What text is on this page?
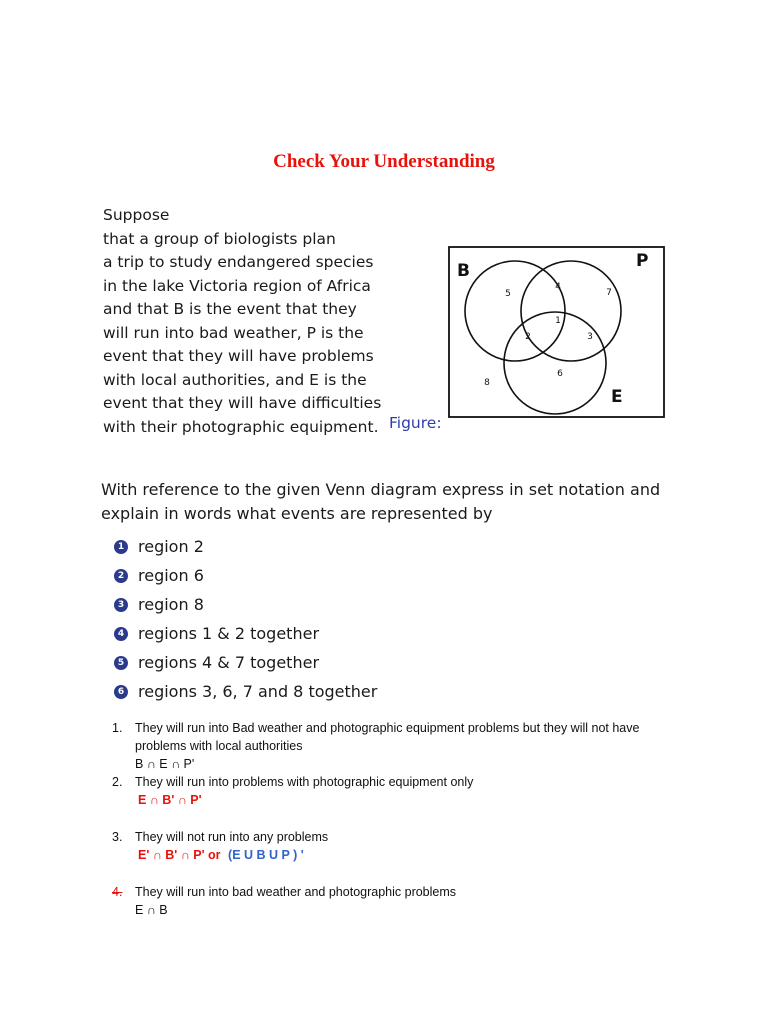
Check Your Understanding
Suppose
that a group of biologists plan
a trip to study endangered species
in the lake Victoria region of Africa
and that B is the event that they
will run into bad weather, P is the
event that they will have problems
with local authorities, and E is the
event that they will have difficulties
with their photographic equipment. Figure:
B	P
E
5
4
7
1
2	3
6
8
With reference to the given Venn diagram express in set notation and
explain in words what events are represented by
1 region 2
2 region 6
3 region 8
4 regions 1 & 2 together
5 regions 4 & 7 together
6 regions 3, 6, 7 and 8 together
1. They will run into Bad weather and photographic equipment problems but they will not have
problems with local authorities
B ∩ E ∩ P'
2. They will run into problems with photographic equipment only
E ∩ B' ∩ P'
3. They will not run into any problems
E' ∩ B' ∩ P' or (E U B U P ) '
4. They will run into bad weather and photographic problems
E ∩ B
